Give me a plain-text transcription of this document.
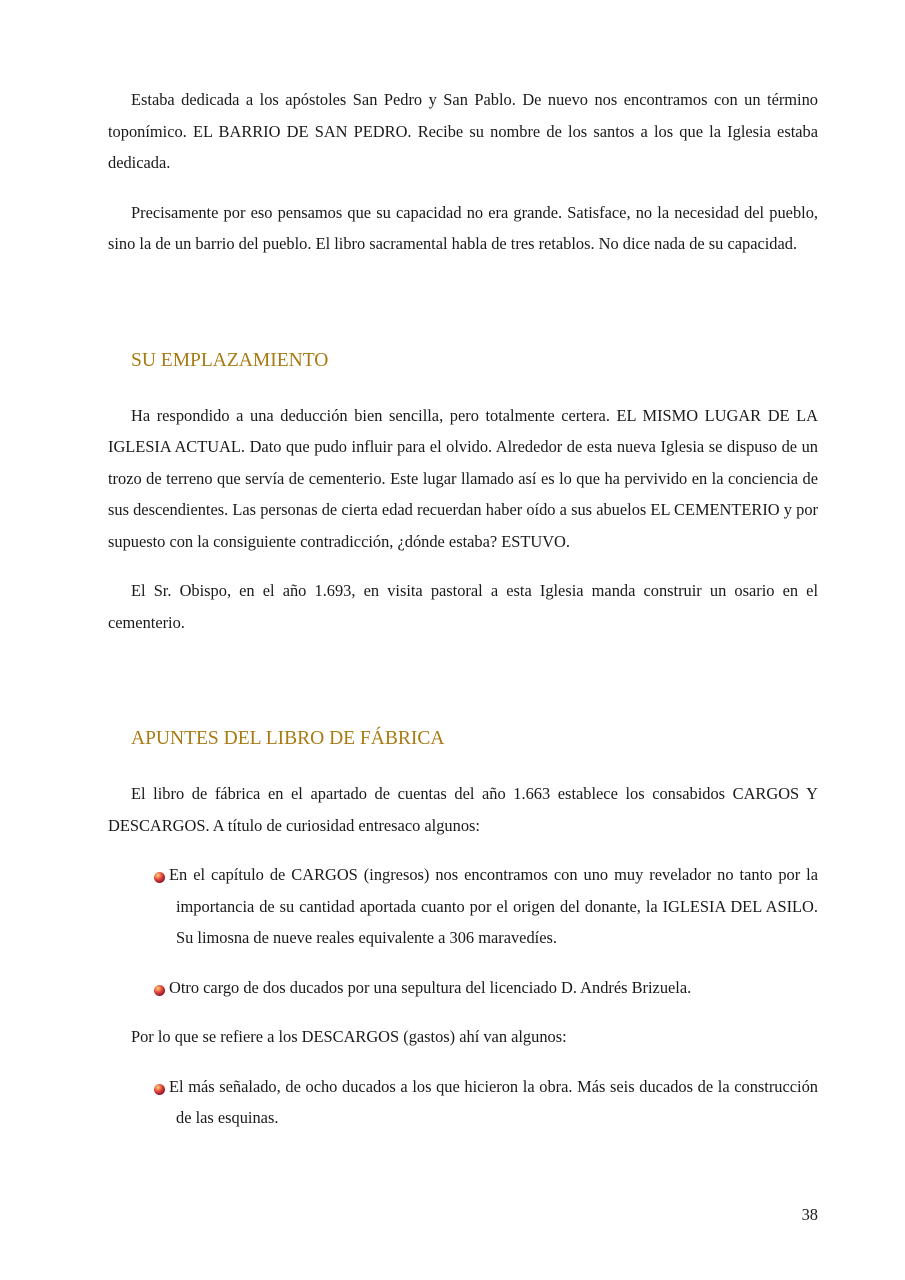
Estaba dedicada a los apóstoles San Pedro y San Pablo. De nuevo nos encontramos con un término toponímico. EL BARRIO DE SAN PEDRO. Recibe su nombre de los santos a los que la Iglesia estaba dedicada.

Precisamente por eso pensamos que su capacidad no era grande. Satisface, no la necesidad del pueblo, sino la de un barrio del pueblo. El libro sacramental habla de tres retablos. No dice nada de su capacidad.

SU EMPLAZAMIENTO

Ha respondido a una deducción bien sencilla, pero totalmente certera. EL MISMO LUGAR DE LA IGLESIA ACTUAL. Dato que pudo influir para el olvido. Alrededor de esta nueva Iglesia se dispuso de un trozo de terreno que servía de cementerio. Este lugar llamado así es lo que ha pervivido en la conciencia de sus descendientes. Las personas de cierta edad recuerdan haber oído a sus abuelos EL CEMENTERIO y por supuesto con la consiguiente contradicción, ¿dónde estaba? ESTUVO.

El Sr. Obispo, en el año 1.693, en visita pastoral a esta Iglesia manda construir un osario en el cementerio.

APUNTES DEL LIBRO DE FÁBRICA

El libro de fábrica en el apartado de cuentas del año 1.663 establece los consabidos CARGOS Y DESCARGOS. A título de curiosidad entresaco algunos:

En el capítulo de CARGOS (ingresos) nos encontramos con uno muy revelador no tanto por la importancia de su cantidad aportada cuanto por el origen del donante, la IGLESIA DEL ASILO. Su limosna de nueve reales equivalente a 306 maravedíes.
Otro cargo de dos ducados por una sepultura del licenciado D. Andrés Brizuela.

Por lo que se refiere a los DESCARGOS (gastos) ahí van algunos:

El más señalado, de ocho ducados a los que hicieron la obra. Más seis ducados de la construcción de las esquinas.
38
